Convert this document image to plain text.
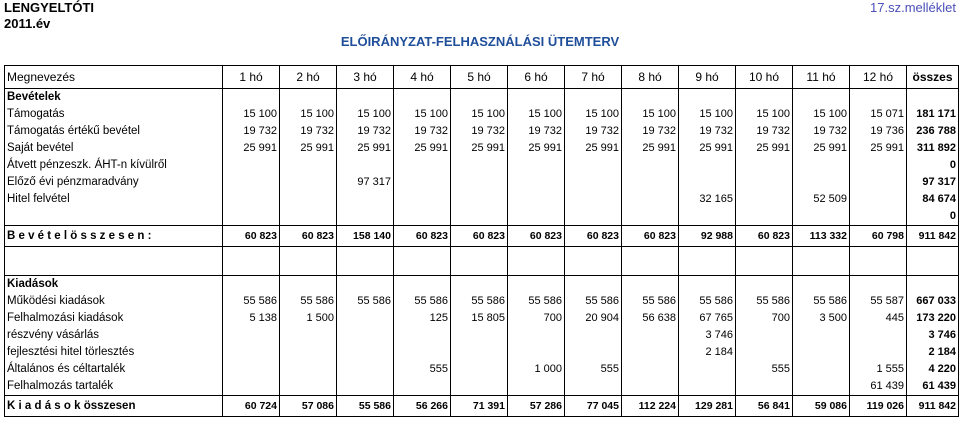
LENGYELTÓTI
2011.év
17.sz.melléklet
ELŐIRÁNYZAT-FELHASZNÁLÁSI ÜTEMTERV
Megnevezés	1 hó	2 hó	3 hó	4 hó	5 hó	6 hó	7 hó	8 hó	9 hó	10 hó	11 hó	12 hó	összes
Bevételek													
Támogatás	15 100	15 100	15 100	15 100	15 100	15 100	15 100	15 100	15 100	15 100	15 100	15 071	181 171
Támogatás értékű bevétel	19 732	19 732	19 732	19 732	19 732	19 732	19 732	19 732	19 732	19 732	19 732	19 736	236 788
Saját bevétel	25 991	25 991	25 991	25 991	25 991	25 991	25 991	25 991	25 991	25 991	25 991	25 991	311 892
Átvett pénzeszk. ÁHT-n kívülről													0
Előző évi pénzmaradvány			97 317										97 317
Hitel felvétel									32 165		52 509		84 674
													0
B e v é t e l ö s s z e s e n :	60 823	60 823	158 140	60 823	60 823	60 823	60 823	60 823	92 988	60 823	113 332	60 798	911 842

Kiadások													
Működési kiadások	55 586	55 586	55 586	55 586	55 586	55 586	55 586	55 586	55 586	55 586	55 586	55 587	667 033
Felhalmozási kiadások	5 138	1 500		125	15 805	700	20 904	56 638	67 765	700	3 500	445	173 220
részvény vásárlás									3 746				3 746
fejlesztési hitel törlesztés									2 184				2 184
Általános és céltartalék				555		1 000	555			555		1 555	4 220
Felhalmozás tartalék												61 439	61 439
K i a d á s o k összesen	60 724	57 086	55 586	56 266	71 391	57 286	77 045	112 224	129 281	56 841	59 086	119 026	911 842
